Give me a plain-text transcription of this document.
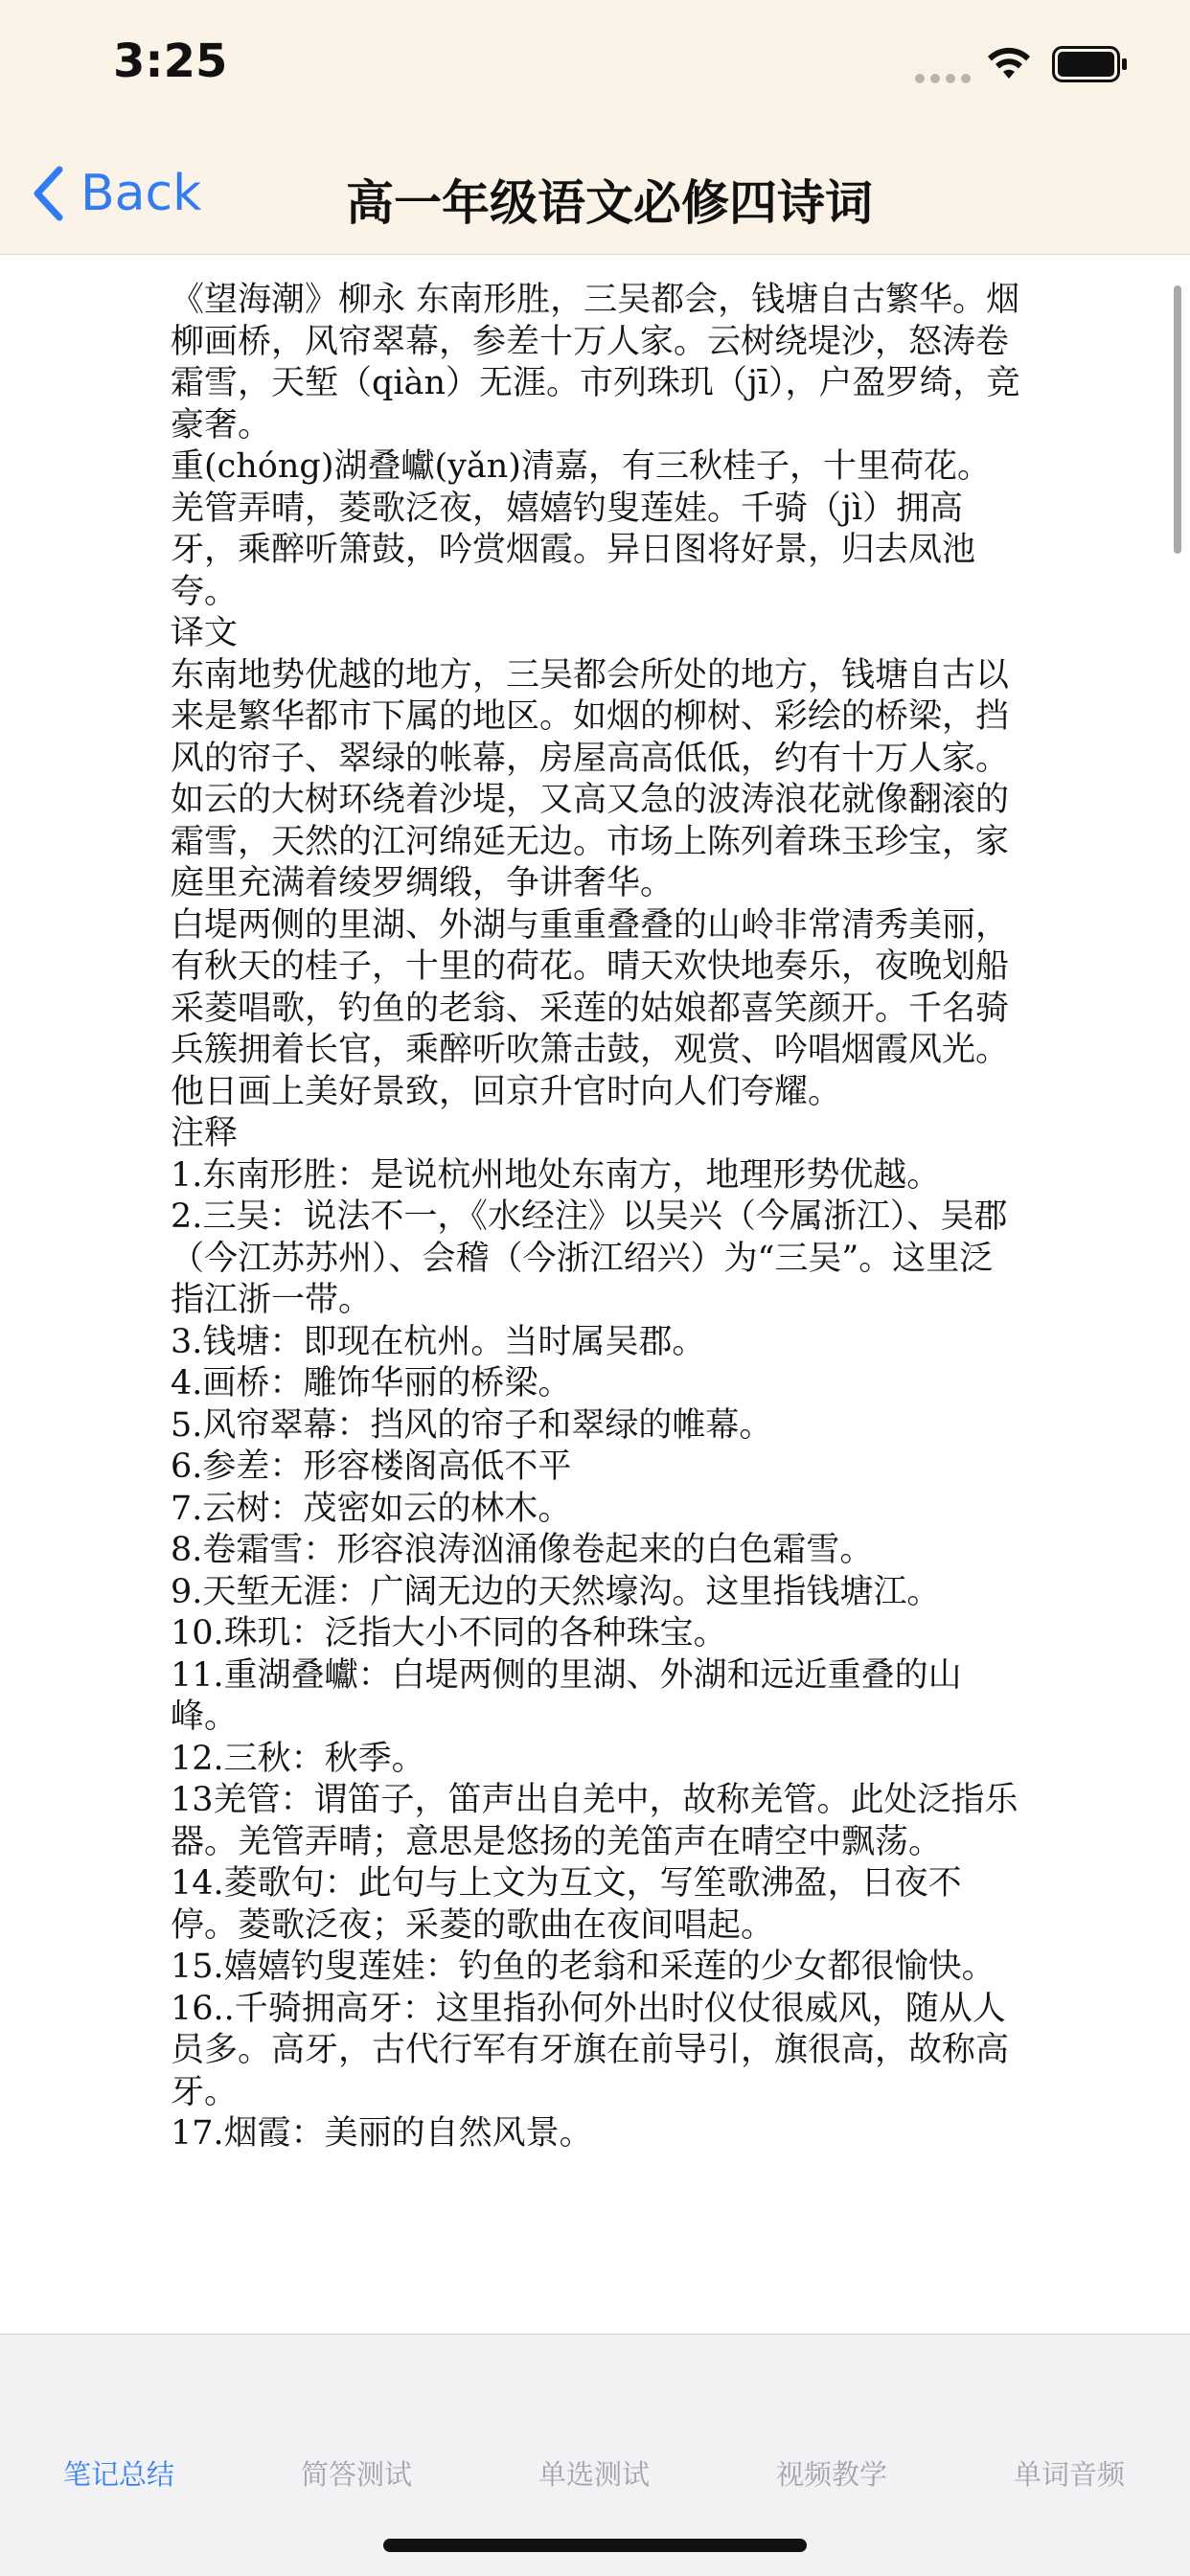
3:25
Back	高一年级语文必修四诗词

《望海潮》柳永 东南形胜，三吴都会，钱塘自古繁华。烟柳画桥，风帘翠幕，参差十万人家。云树绕堤沙，怒涛卷霜雪，天堑（qiàn）无涯。市列珠玑（jī），户盈罗绮，竞豪奢。

重(chóng)湖叠巘(yǎn)清嘉，有三秋桂子，十里荷花。羌管弄晴，菱歌泛夜，嬉嬉钓叟莲娃。千骑（jì）拥高牙，乘醉听箫鼓，吟赏烟霞。异日图将好景，归去凤池夸。

译文

东南地势优越的地方，三吴都会所处的地方，钱塘自古以来是繁华都市下属的地区。如烟的柳树、彩绘的桥梁，挡风的帘子、翠绿的帐幕，房屋高高低低，约有十万人家。如云的大树环绕着沙堤，又高又急的波涛浪花就像翻滚的霜雪，天然的江河绵延无边。市场上陈列着珠玉珍宝，家庭里充满着绫罗绸缎，争讲奢华。

白堤两侧的里湖、外湖与重重叠叠的山岭非常清秀美丽，有秋天的桂子，十里的荷花。晴天欢快地奏乐，夜晚划船采菱唱歌，钓鱼的老翁、采莲的姑娘都喜笑颜开。千名骑兵簇拥着长官，乘醉听吹箫击鼓，观赏、吟唱烟霞风光。他日画上美好景致，回京升官时向人们夸耀。

注释

1.东南形胜：是说杭州地处东南方，地理形势优越。

2.三吴：说法不一，《水经注》以吴兴（今属浙江）、吴郡（今江苏苏州）、会稽（今浙江绍兴）为“三吴”。这里泛指江浙一带。

3.钱塘：即现在杭州。当时属吴郡。

4.画桥：雕饰华丽的桥梁。

5.风帘翠幕：挡风的帘子和翠绿的帷幕。

6.参差：形容楼阁高低不平

7.云树：茂密如云的林木。

8.卷霜雪：形容浪涛汹涌像卷起来的白色霜雪。

9.天堑无涯：广阔无边的天然壕沟。这里指钱塘江。

10.珠玑：泛指大小不同的各种珠宝。

11.重湖叠巘：白堤两侧的里湖、外湖和远近重叠的山峰。

12.三秋：秋季。

13羌管：谓笛子，笛声出自羌中，故称羌管。此处泛指乐器。羌管弄晴；意思是悠扬的羌笛声在晴空中飘荡。

14.菱歌句：此句与上文为互文，写笙歌沸盈，日夜不停。菱歌泛夜；采菱的歌曲在夜间唱起。

15.嬉嬉钓叟莲娃：钓鱼的老翁和采莲的少女都很愉快。

16..千骑拥高牙：这里指孙何外出时仪仗很威风，随从人员多。高牙，古代行军有牙旗在前导引，旗很高，故称高牙。

17.烟霞：美丽的自然风景。

笔记总结	简答测试	单选测试	视频教学	单词音频
